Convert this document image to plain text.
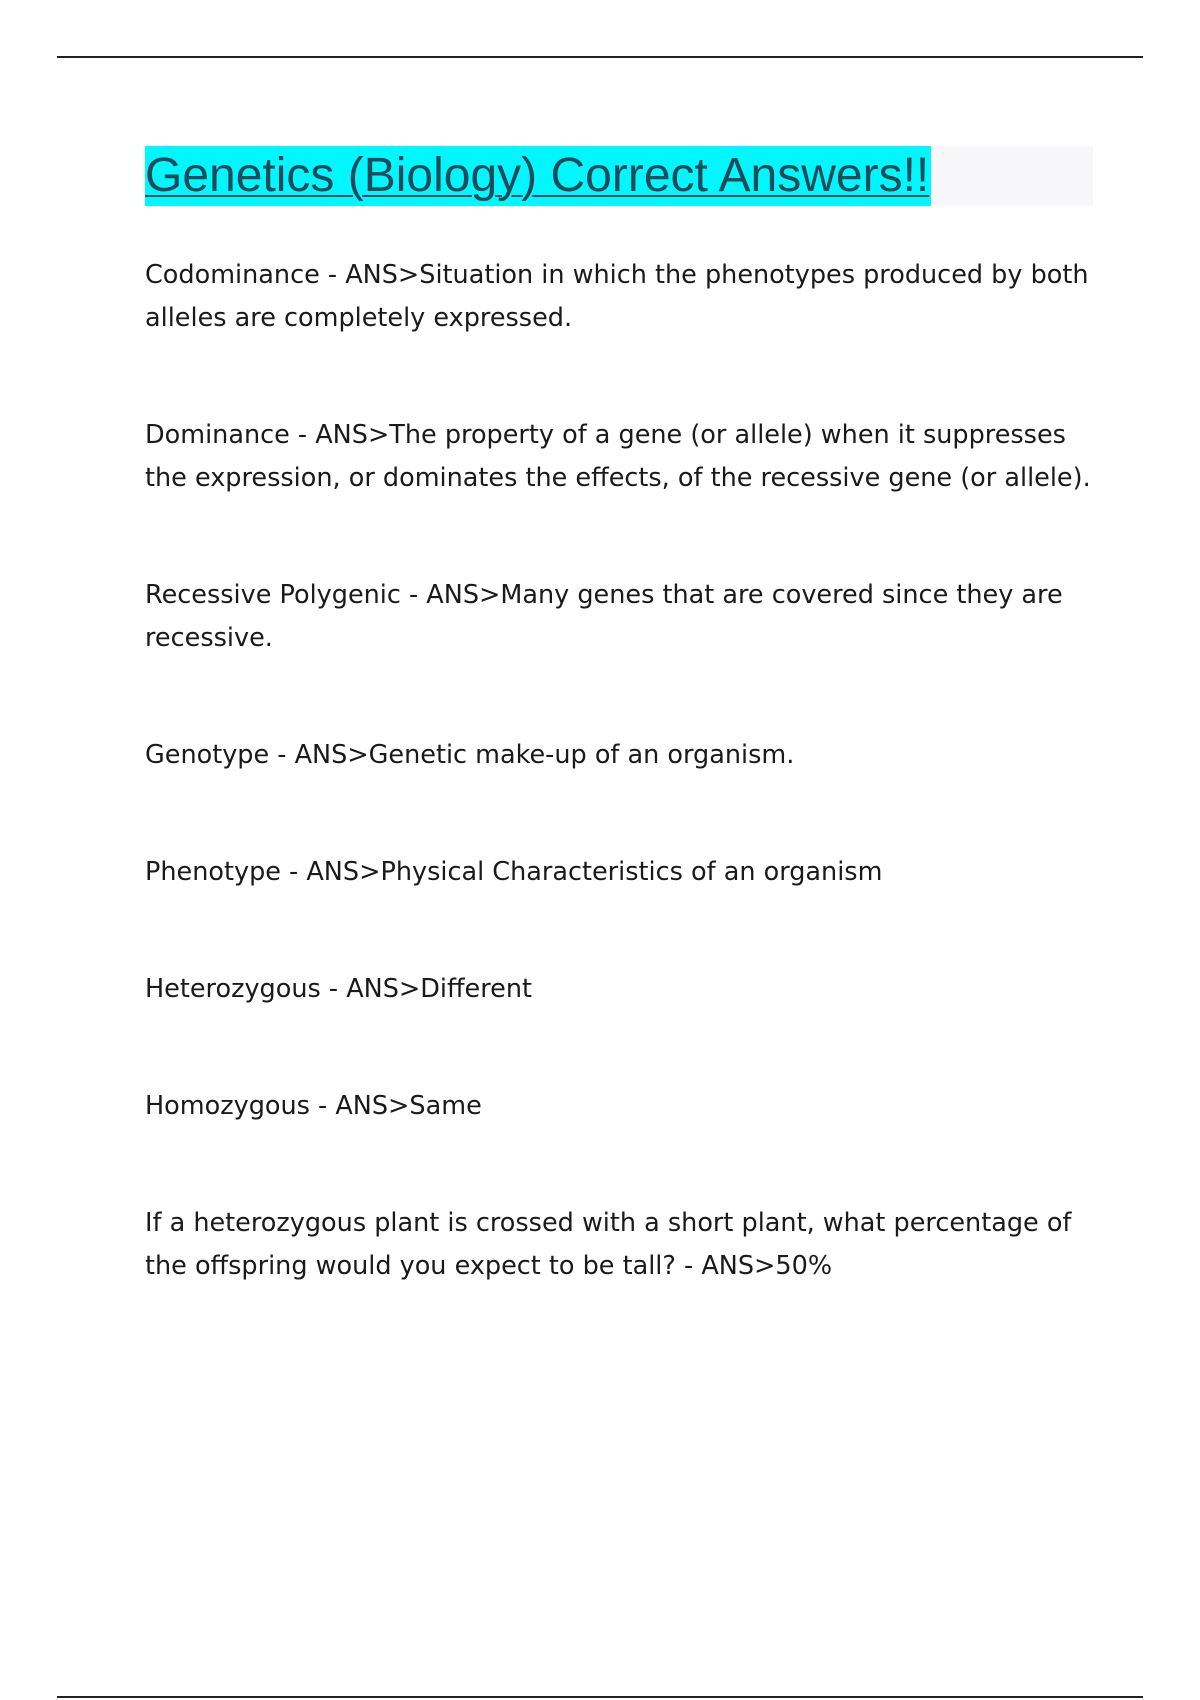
Genetics (Biology) Correct Answers!!

Codominance - ANS>Situation in which the phenotypes produced by both alleles are completely expressed.

Dominance - ANS>The property of a gene (or allele) when it suppresses the expression, or dominates the effects, of the recessive gene (or allele).

Recessive Polygenic - ANS>Many genes that are covered since they are recessive.

Genotype - ANS>Genetic make-up of an organism.

Phenotype - ANS>Physical Characteristics of an organism

Heterozygous - ANS>Different

Homozygous - ANS>Same

If a heterozygous plant is crossed with a short plant, what percentage of the offspring would you expect to be tall? - ANS>50%
